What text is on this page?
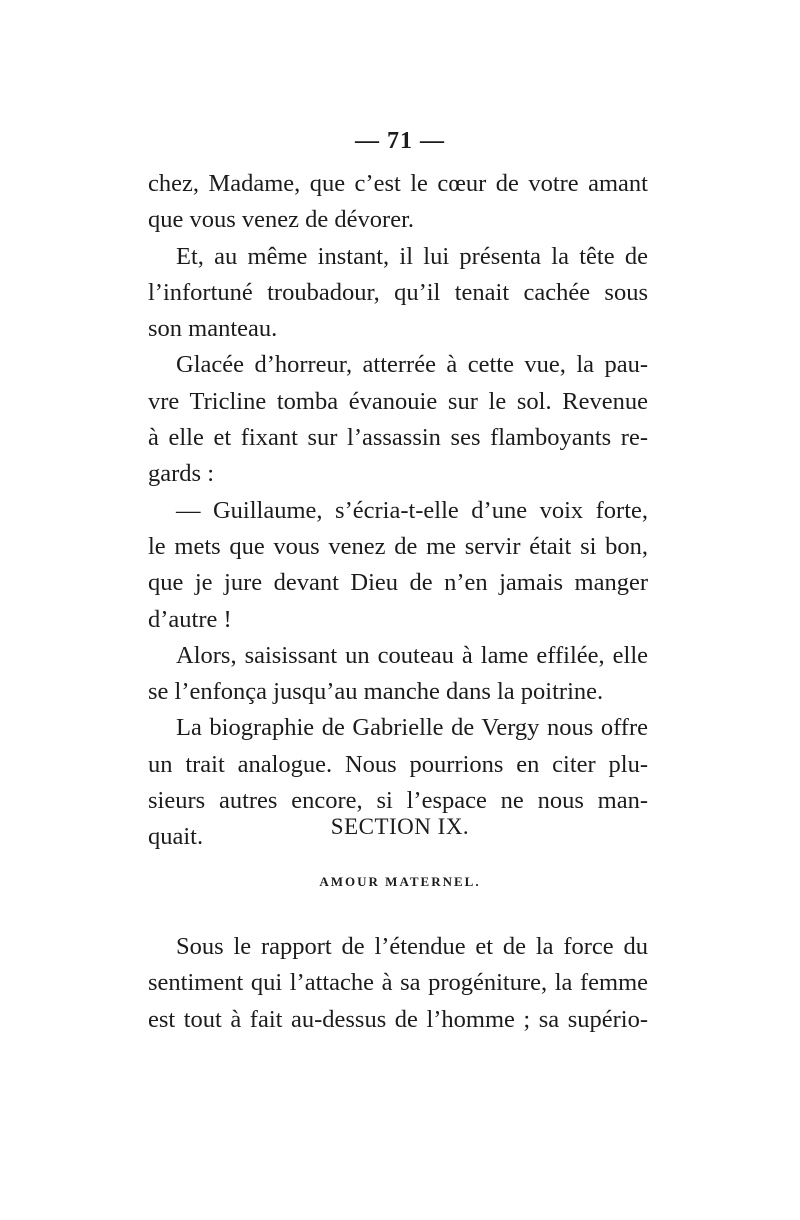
— 71 —
chez, Madame, que c’est le cœur de votre amant
que vous venez de dévorer.
Et, au même instant, il lui présenta la tête de
l’infortuné troubadour, qu’il tenait cachée sous
son manteau.
Glacée d’horreur, atterrée à cette vue, la pau-
vre Tricline tomba évanouie sur le sol. Revenue
à elle et fixant sur l’assassin ses flamboyants re-
gards :
— Guillaume, s’écria-t-elle d’une voix forte,
le mets que vous venez de me servir était si bon,
que je jure devant Dieu de n’en jamais manger
d’autre !
Alors, saisissant un couteau à lame effilée, elle
se l’enfonça jusqu’au manche dans la poitrine.
La biographie de Gabrielle de Vergy nous offre
un trait analogue. Nous pourrions en citer plu-
sieurs autres encore, si l’espace ne nous man-
quait.	SECTION IX.
AMOUR MATERNEL.
Sous le rapport de l’étendue et de la force du
sentiment qui l’attache à sa progéniture, la femme
est tout à fait au-dessus de l’homme ; sa supério-
